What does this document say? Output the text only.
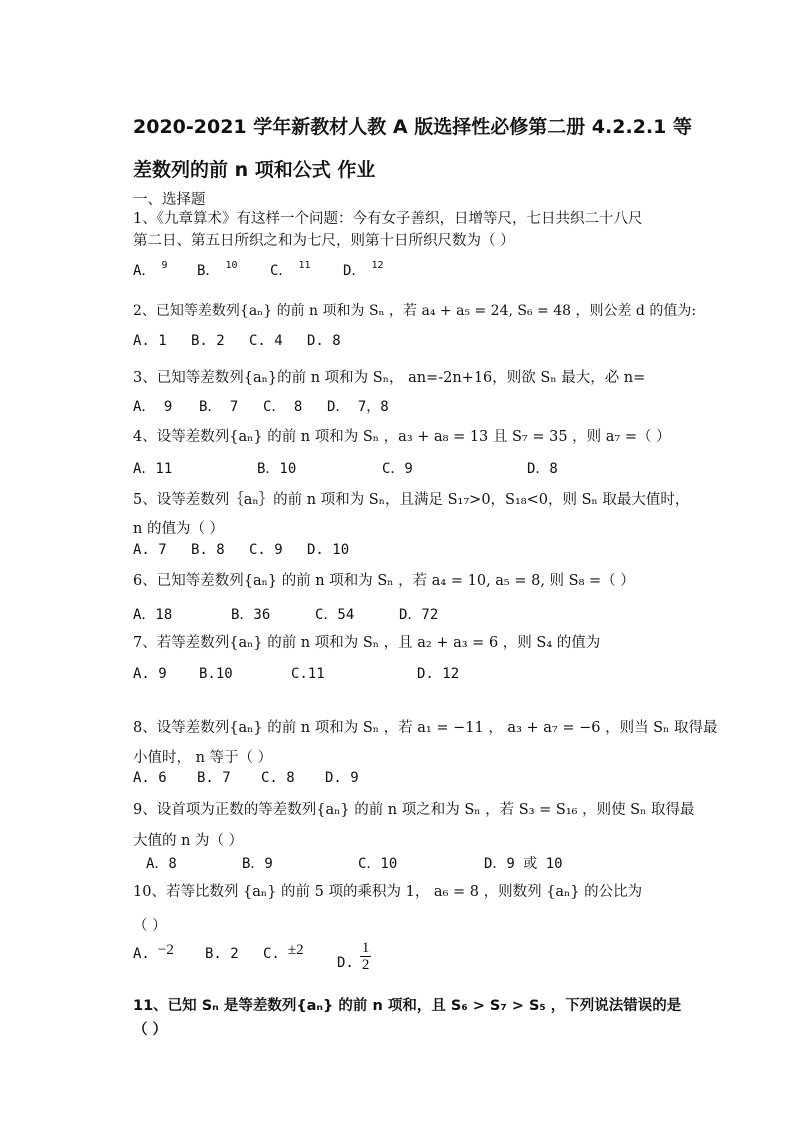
2020-2021 学年新教材人教 A 版选择性必修第二册 4.2.2.1 等
差数列的前 n 项和公式 作业
一、选择题
1、《九章算术》有这样一个问题：今有女子善织，日增等尺，七日共织二十八尺
第二日、第五日所织之和为七尺，则第十日所织尺数为（ ）
A． $^9$ B． $^{10}$ C． $^{11}$ D． $^{12}$
2、已知等差数列{aₙ} 的前 n 项和为 Sₙ ，若 a₄ + a₅ = 24, S₆ = 48 ，则公差 d 的值为:
A. 1 B. 2 C. 4 D. 8
3、已知等差数列{aₙ}的前 n 项和为 Sₙ， an=-2n+16，则欲 Sₙ 最大，必 n=
A． 9 B． 7 C． 8 D． 7，8
4、设等差数列{aₙ} 的前 n 项和为 Sₙ ，a₃ + a₈ = 13 且 S₇ = 35 ，则 a₇ =（ ）
A．11	B．10	C．9	D．8
5、设等差数列｛aₙ｝的前 n 项和为 Sₙ，且满足 S₁₇>0，S₁₈<0，则 Sₙ 取最大值时，
n 的值为（ ）
A. 7 B. 8 C. 9 D. 10
6、已知等差数列{aₙ} 的前 n 项和为 Sₙ ，若 a₄ = 10, a₅ = 8, 则 S₈ =（ ）
A．18	B．36	C．54	D．72
7、若等差数列{aₙ} 的前 n 项和为 Sₙ ，且 a₂ + a₃ = 6 ，则 S₄ 的值为
A. 9 B.10	C.11	D. 12
8、设等差数列{aₙ} 的前 n 项和为 Sₙ ，若 a₁ = −11 ， a₃ + a₇ = −6 ，则当 Sₙ 取得最
小值时， n 等于（ ）
A. 6 B. 7 C. 8 D. 9
9、设首项为正数的等差数列{aₙ} 的前 n 项之和为 Sₙ ，若 S₃ = S₁₆ ，则使 Sₙ 取得最
大值的 n 为（ ）
A．8	B．9	C．10	D．9 或 10
10、若等比数列 {aₙ} 的前 5 项的乘积为 1， a₆ = 8 ，则数列 {aₙ} 的公比为
（ ）
A. −2 B. 2 C. ±2
D. $\frac{1}{2}$
11、已知 Sₙ 是等差数列{aₙ} 的前 n 项和，且 S₆ > S₇ > S₅ ，下列说法错误的是
（ ）
